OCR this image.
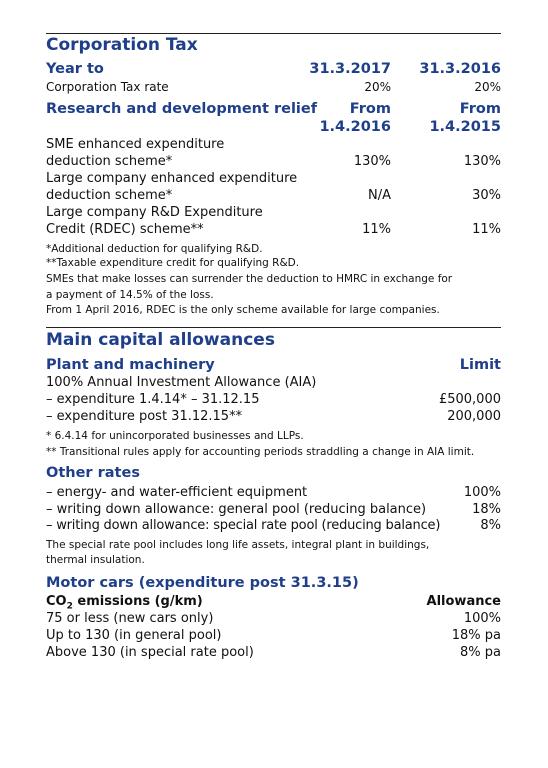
Corporation Tax
Year to	31.3.2017	31.3.2016
Corporation Tax rate	20%	20%
Research and development relief	From	From
1.4.2016	1.4.2015
SME enhanced expenditure
deduction scheme*	130%	130%
Large company enhanced expenditure
deduction scheme*	N/A	30%
Large company R&D Expenditure
Credit (RDEC) scheme**	11%	11%
*Additional deduction for qualifying R&D.
**Taxable expenditure credit for qualifying R&D.
SMEs that make losses can surrender the deduction to HMRC in exchange for
a payment of 14.5% of the loss.
From 1 April 2016, RDEC is the only scheme available for large companies.
Main capital allowances
Plant and machinery	Limit
100% Annual Investment Allowance (AIA)
– expenditure 1.4.14* – 31.12.15	£500,000
– expenditure post 31.12.15**	200,000
* 6.4.14 for unincorporated businesses and LLPs.
** Transitional rules apply for accounting periods straddling a change in AIA limit.
Other rates
– energy- and water-efficient equipment	100%
– writing down allowance: general pool (reducing balance)	18%
– writing down allowance: special rate pool (reducing balance)	8%
The special rate pool includes long life assets, integral plant in buildings,
thermal insulation.
Motor cars (expenditure post 31.3.15)
$CO_2$ emissions (g/km)	Allowance
75 or less (new cars only)	100%
Up to 130 (in general pool)	18% pa
Above 130 (in special rate pool)	8% pa
